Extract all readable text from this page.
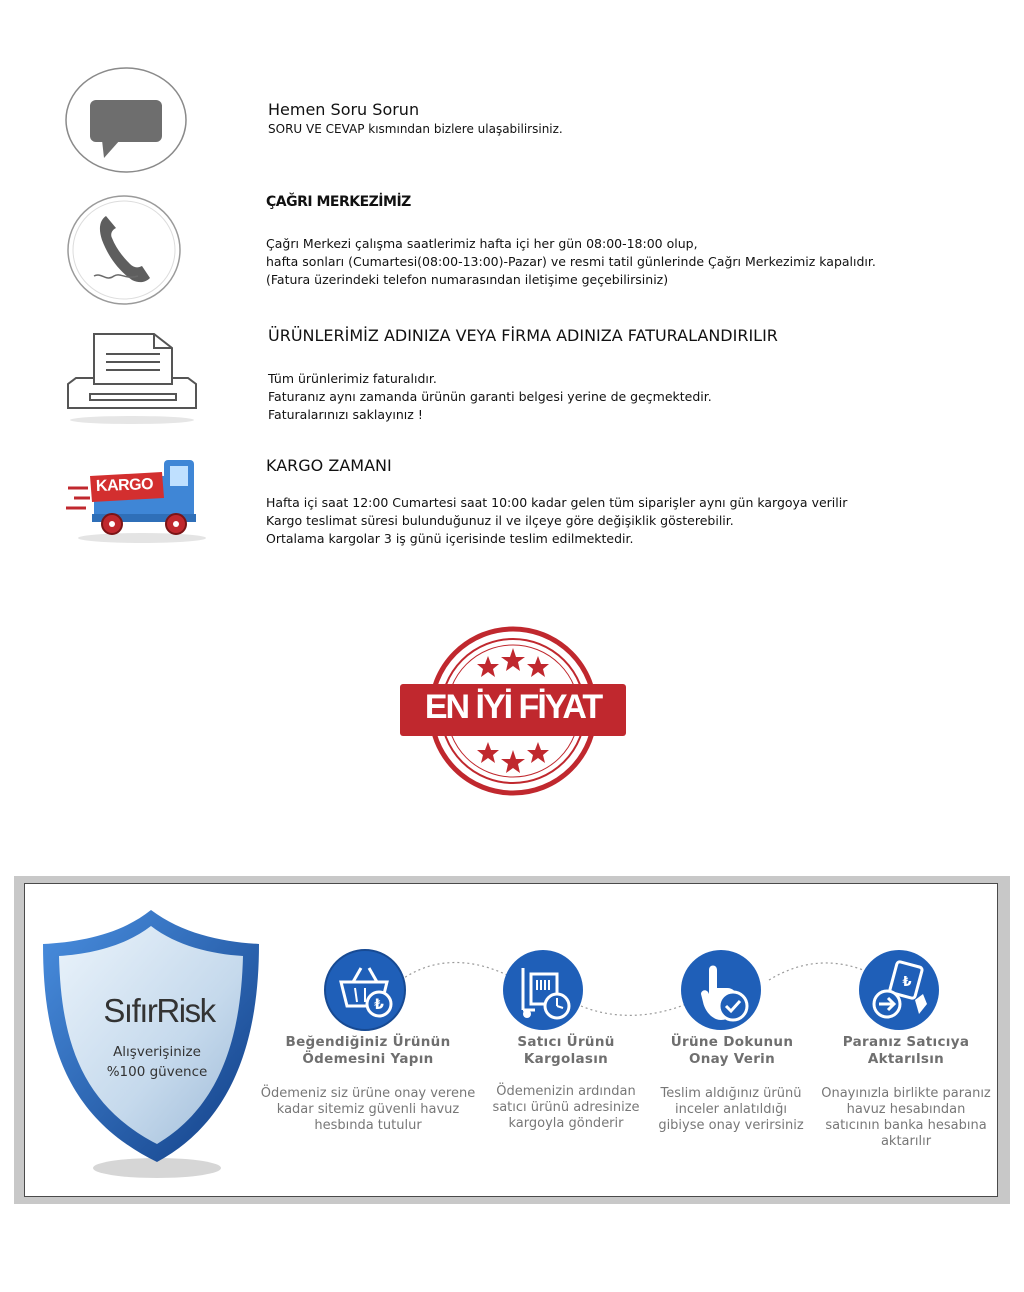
Hemen Soru Sorun
SORU VE CEVAP kısmından bizlere ulaşabilirsiniz.
ÇAĞRI MERKEZİMİZ
Çağrı Merkezi çalışma saatlerimiz hafta içi her gün 08:00-18:00 olup,
hafta sonları (Cumartesi(08:00-13:00)-Pazar) ve resmi tatil günlerinde Çağrı Merkezimiz kapalıdır.
(Fatura üzerindeki telefon numarasından iletişime geçebilirsiniz)
ÜRÜNLERİMİZ ADINIZA VEYA FİRMA ADINIZA FATURALANDIRILIR
Tüm ürünlerimiz faturalıdır.
Faturanız aynı zamanda ürünün garanti belgesi yerine de geçmektedir.
Faturalarınızı saklayınız !
KARGO
KARGO ZAMANI
Hafta içi saat 12:00 Cumartesi saat 10:00 kadar gelen tüm siparişler aynı gün kargoya verilir
Kargo teslimat süresi bulunduğunuz il ve ilçeye göre değişiklik gösterebilir.
Ortalama kargolar 3 iş günü içerisinde teslim edilmektedir.
EN İYİ FİYAT
SıfırRisk
Alışverişinize
%100 güvence
₺
Beğendiğiniz Ürünün
Ödemesini Yapın
Ödemeniz siz ürüne onay verene
kadar sitemiz güvenli havuz
hesbında tutulur
Satıcı Ürünü
Kargolasın
Ödemenizin ardından
satıcı ürünü adresinize
kargoyla gönderir
Ürüne Dokunun
Onay Verin
Teslim aldığınız ürünü
inceler anlatıldığı
gibiyse onay verirsiniz
₺
Paranız Satıcıya
Aktarılsın
Onayınızla birlikte paranız
havuz hesabından
satıcının banka hesabına
aktarılır
